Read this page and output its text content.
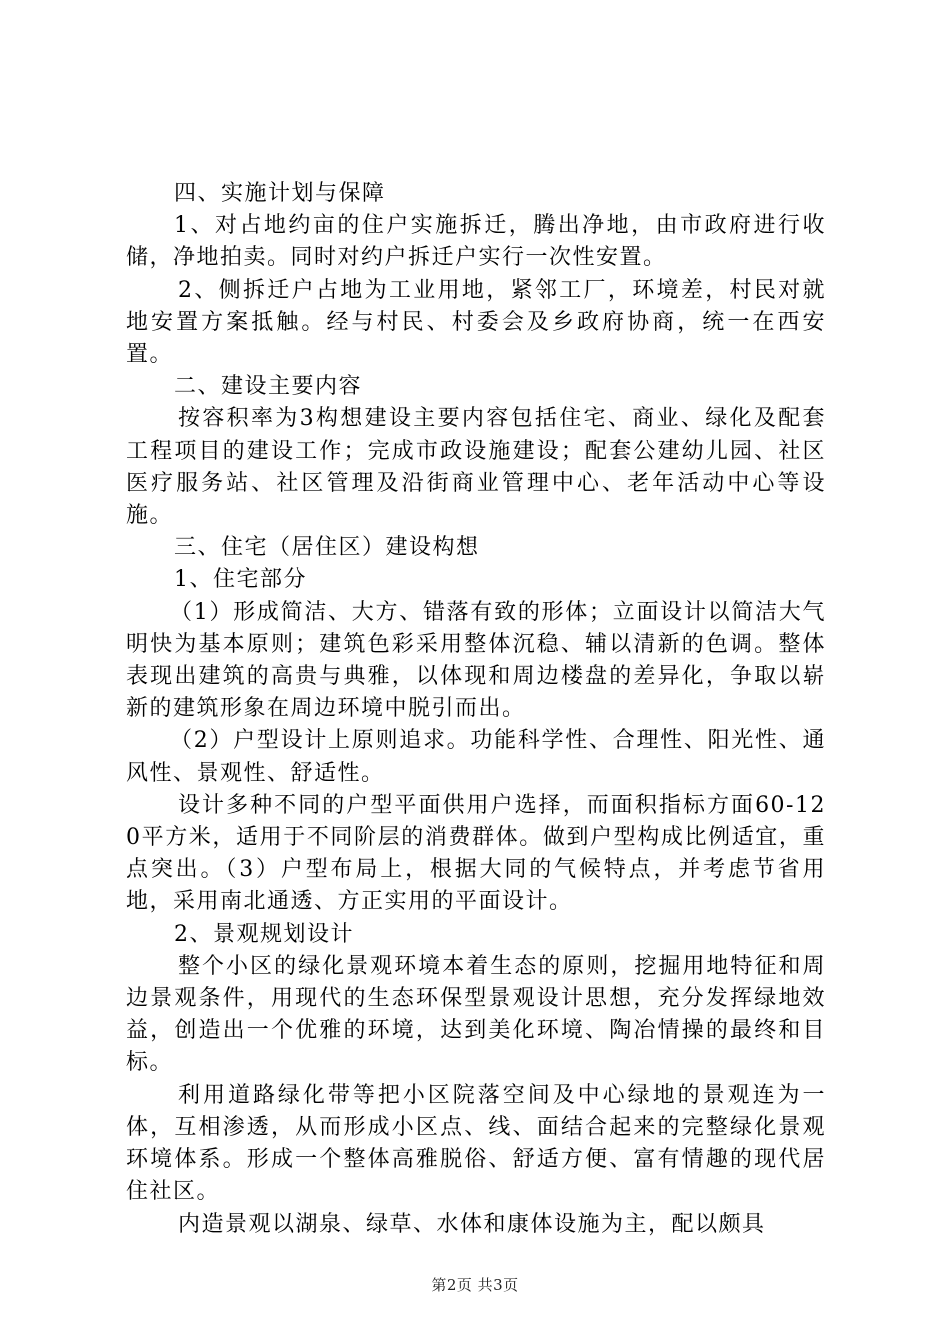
四、实施计划与保障

1、对占地约亩的住户实施拆迁，腾出净地，由市政府进行收储，净地拍卖。同时对约户拆迁户实行一次性安置。

2、侧拆迁户占地为工业用地，紧邻工厂，环境差，村民对就地安置方案抵触。经与村民、村委会及乡政府协商，统一在西安置。

二、建设主要内容

按容积率为3构想建设主要内容包括住宅、商业、绿化及配套工程项目的建设工作；完成市政设施建设；配套公建幼儿园、社区医疗服务站、社区管理及沿街商业管理中心、老年活动中心等设施。

三、住宅（居住区）建设构想

1、住宅部分

（1）形成简洁、大方、错落有致的形体；立面设计以简洁大气明快为基本原则；建筑色彩采用整体沉稳、辅以清新的色调。整体表现出建筑的高贵与典雅，以体现和周边楼盘的差异化，争取以崭新的建筑形象在周边环境中脱引而出。

（2）户型设计上原则追求。功能科学性、合理性、阳光性、通风性、景观性、舒适性。

设计多种不同的户型平面供用户选择，而面积指标方面60-120平方米，适用于不同阶层的消费群体。做到户型构成比例适宜，重点突出。（3）户型布局上，根据大同的气候特点，并考虑节省用地，采用南北通透、方正实用的平面设计。

2、景观规划设计

整个小区的绿化景观环境本着生态的原则，挖掘用地特征和周边景观条件，用现代的生态环保型景观设计思想，充分发挥绿地效益，创造出一个优雅的环境，达到美化环境、陶冶情操的最终和目标。

利用道路绿化带等把小区院落空间及中心绿地的景观连为一体，互相渗透，从而形成小区点、线、面结合起来的完整绿化景观环境体系。形成一个整体高雅脱俗、舒适方便、富有情趣的现代居住社区。

内造景观以湖泉、绿草、水体和康体设施为主，配以颇具

第2页 共3页
